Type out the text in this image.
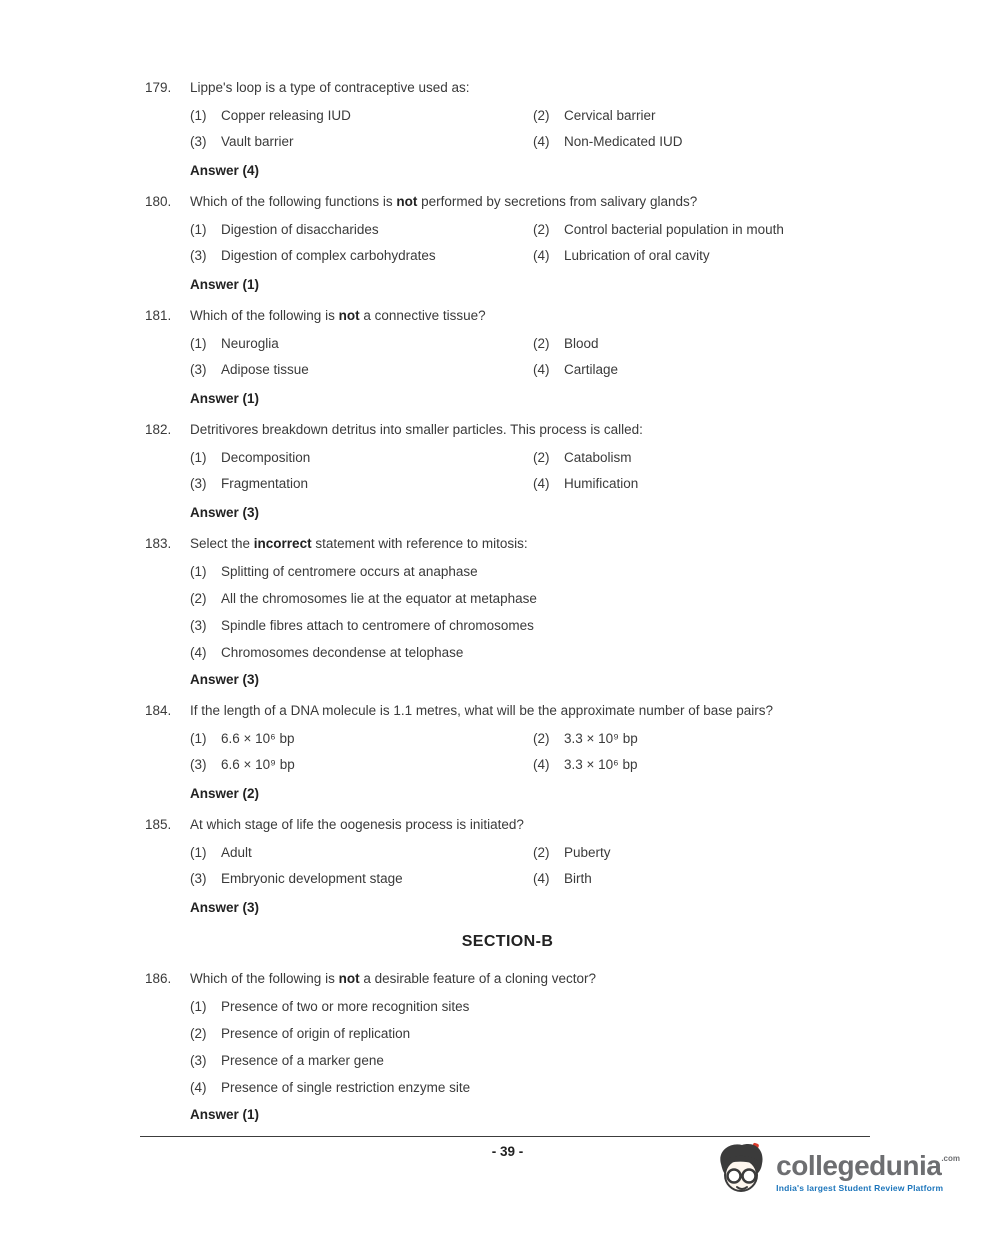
179.	Lippe's loop is a type of contraceptive used as:
(1)	Copper releasing IUD	(2)	Cervical barrier
(3)	Vault barrier	(4)	Non-Medicated IUD
Answer (4)
180.	Which of the following functions is not performed by secretions from salivary glands?
(1)	Digestion of disaccharides	(2)	Control bacterial population in mouth
(3)	Digestion of complex carbohydrates	(4)	Lubrication of oral cavity
Answer (1)
181.	Which of the following is not a connective tissue?
(1)	Neuroglia	(2)	Blood
(3)	Adipose tissue	(4)	Cartilage
Answer (1)
182.	Detritivores breakdown detritus into smaller particles. This process is called:
(1)	Decomposition	(2)	Catabolism
(3)	Fragmentation	(4)	Humification
Answer (3)
183.	Select the incorrect statement with reference to mitosis:
(1)	Splitting of centromere occurs at anaphase
(2)	All the chromosomes lie at the equator at metaphase
(3)	Spindle fibres attach to centromere of chromosomes
(4)	Chromosomes decondense at telophase
Answer (3)
184.	If the length of a DNA molecule is 1.1 metres, what will be the approximate number of base pairs?
(1)	6.6 × 10⁶ bp	(2)	3.3 × 10⁹ bp
(3)	6.6 × 10⁹ bp	(4)	3.3 × 10⁶ bp
Answer (2)
185.	At which stage of life the oogenesis process is initiated?
(1)	Adult	(2)	Puberty
(3)	Embryonic development stage	(4)	Birth
Answer (3)
SECTION-B
186.	Which of the following is not a desirable feature of a cloning vector?
(1)	Presence of two or more recognition sites
(2)	Presence of origin of replication
(3)	Presence of a marker gene
(4)	Presence of single restriction enzyme site
Answer (1)
- 39 -	collegedunia .com
India's largest Student Review Platform
